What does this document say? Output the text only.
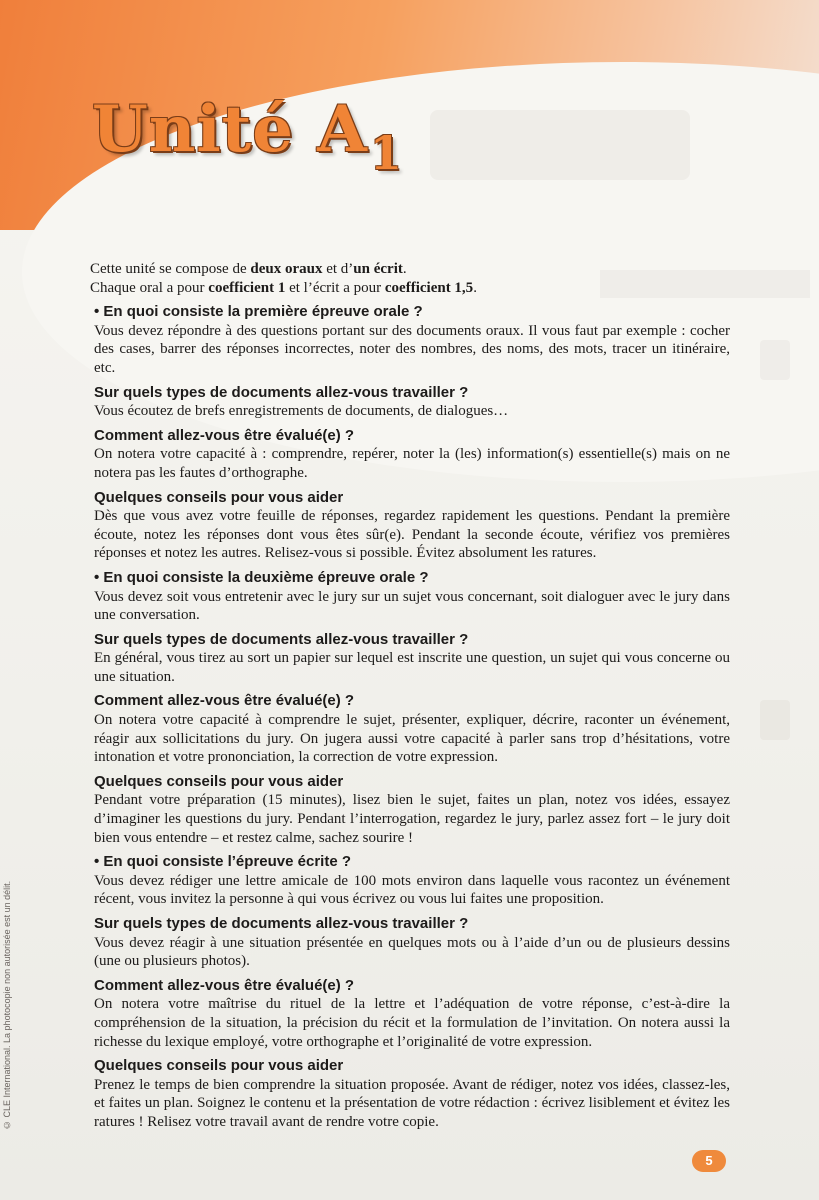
Unité $A_1$
© CLE International. La photocopie non autorisée est un délit.

Cette unité se compose de deux oraux et d’un écrit.
Chaque oral a pour coefficient 1 et l’écrit a pour coefficient 1,5.

• En quoi consiste la première épreuve orale ?

Vous devez répondre à des questions portant sur des documents oraux. Il vous faut par exemple : cocher des cases, barrer des réponses incorrectes, noter des nombres, des noms, des mots, tracer un itinéraire, etc.

Sur quels types de documents allez-vous travailler ?

Vous écoutez de brefs enregistrements de documents, de dialogues…

Comment allez-vous être évalué(e) ?

On notera votre capacité à : comprendre, repérer, noter la (les) information(s) essentielle(s) mais on ne notera pas les fautes d’orthographe.

Quelques conseils pour vous aider

Dès que vous avez votre feuille de réponses, regardez rapidement les questions. Pendant la première écoute, notez les réponses dont vous êtes sûr(e). Pendant la seconde écoute, vérifiez vos premières réponses et notez les autres. Relisez-vous si possible. Évitez absolument les ratures.

• En quoi consiste la deuxième épreuve orale ?

Vous devez soit vous entretenir avec le jury sur un sujet vous concernant, soit dialoguer avec le jury dans une conversation.

Sur quels types de documents allez-vous travailler ?

En général, vous tirez au sort un papier sur lequel est inscrite une question, un sujet qui vous concerne ou une situation.

Comment allez-vous être évalué(e) ?

On notera votre capacité à comprendre le sujet, présenter, expliquer, décrire, raconter un événement, réagir aux sollicitations du jury. On jugera aussi votre capacité à parler sans trop d’hésitations, votre intonation et votre prononciation, la correction de votre expression.

Quelques conseils pour vous aider

Pendant votre préparation (15 minutes), lisez bien le sujet, faites un plan, notez vos idées, essayez d’imaginer les questions du jury. Pendant l’interrogation, regardez le jury, parlez assez fort – le jury doit bien vous entendre – et restez calme, sachez sourire !

• En quoi consiste l’épreuve écrite ?

Vous devez rédiger une lettre amicale de 100 mots environ dans laquelle vous racontez un événement récent, vous invitez la personne à qui vous écrivez ou vous lui faites une proposition.

Sur quels types de documents allez-vous travailler ?

Vous devez réagir à une situation présentée en quelques mots ou à l’aide d’un ou de plusieurs dessins (une ou plusieurs photos).

Comment allez-vous être évalué(e) ?

On notera votre maîtrise du rituel de la lettre et l’adéquation de votre réponse, c’est-à-dire la compréhension de la situation, la précision du récit et la formulation de l’invitation. On notera aussi la richesse du lexique employé, votre orthographe et l’originalité de votre expression.

Quelques conseils pour vous aider

Prenez le temps de bien comprendre la situation proposée. Avant de rédiger, notez vos idées, classez-les, et faites un plan. Soignez le contenu et la présentation de votre rédaction : écrivez lisiblement et évitez les ratures ! Relisez votre travail avant de rendre votre copie.

5
